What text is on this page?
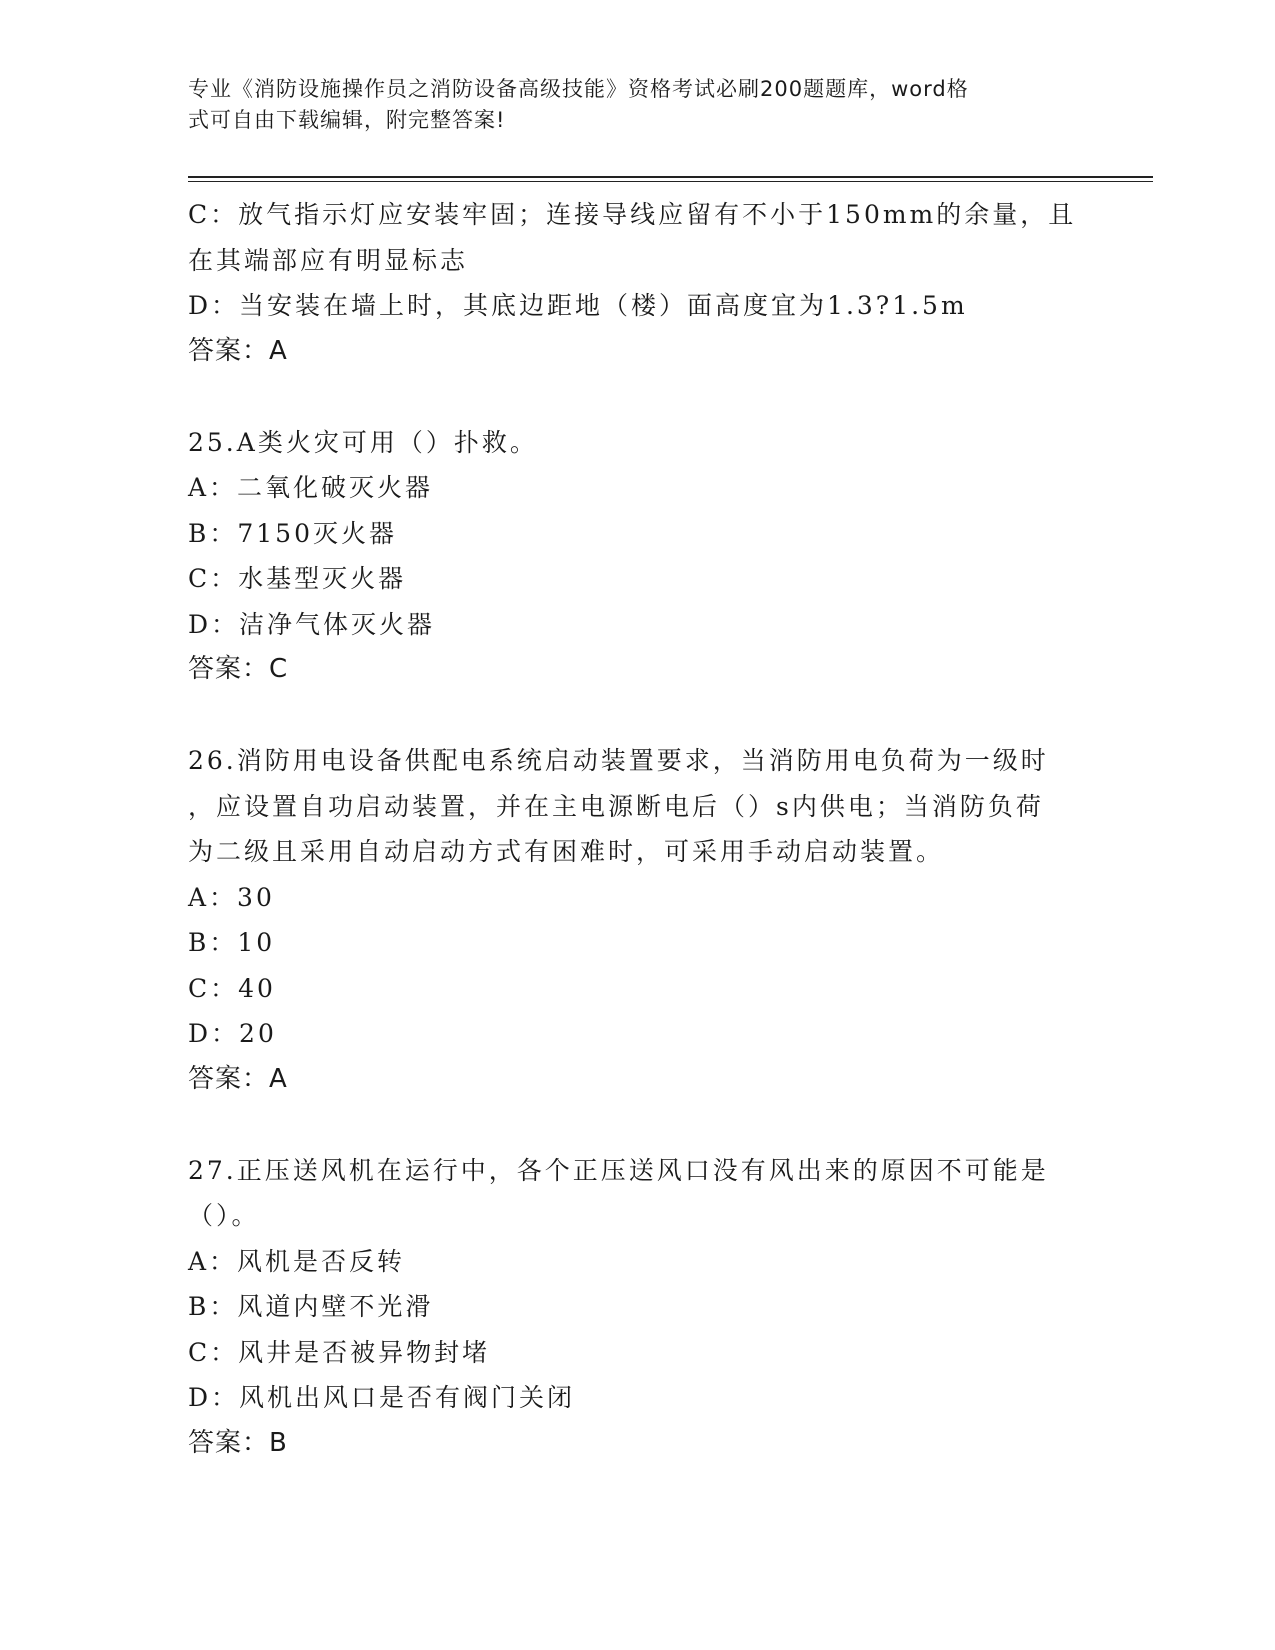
专业《消防设施操作员之消防设备高级技能》资格考试必刷200题题库，word格
式可自由下载编辑，附完整答案!

C：放气指示灯应安装牢固；连接导线应留有不小于150mm的余量，且

在其端部应有明显标志

D：当安装在墙上时，其底边距地（楼）面高度宜为1.3?1.5m

答案：A

25.A类火灾可用（）扑救。

A：二氧化破灭火器

B：7150灭火器

C：水基型灭火器

D：洁净气体灭火器

答案：C

26.消防用电设备供配电系统启动装置要求，当消防用电负荷为一级时

，应设置自功启动装置，并在主电源断电后（）s内供电；当消防负荷

为二级且采用自动启动方式有困难时，可采用手动启动装置。

A：30

B：10

C：40

D：20

答案：A

27.正压送风机在运行中，各个正压送风口没有风出来的原因不可能是

（）。

A：风机是否反转

B：风道内壁不光滑

C：风井是否被异物封堵

D：风机出风口是否有阀门关闭

答案：B
